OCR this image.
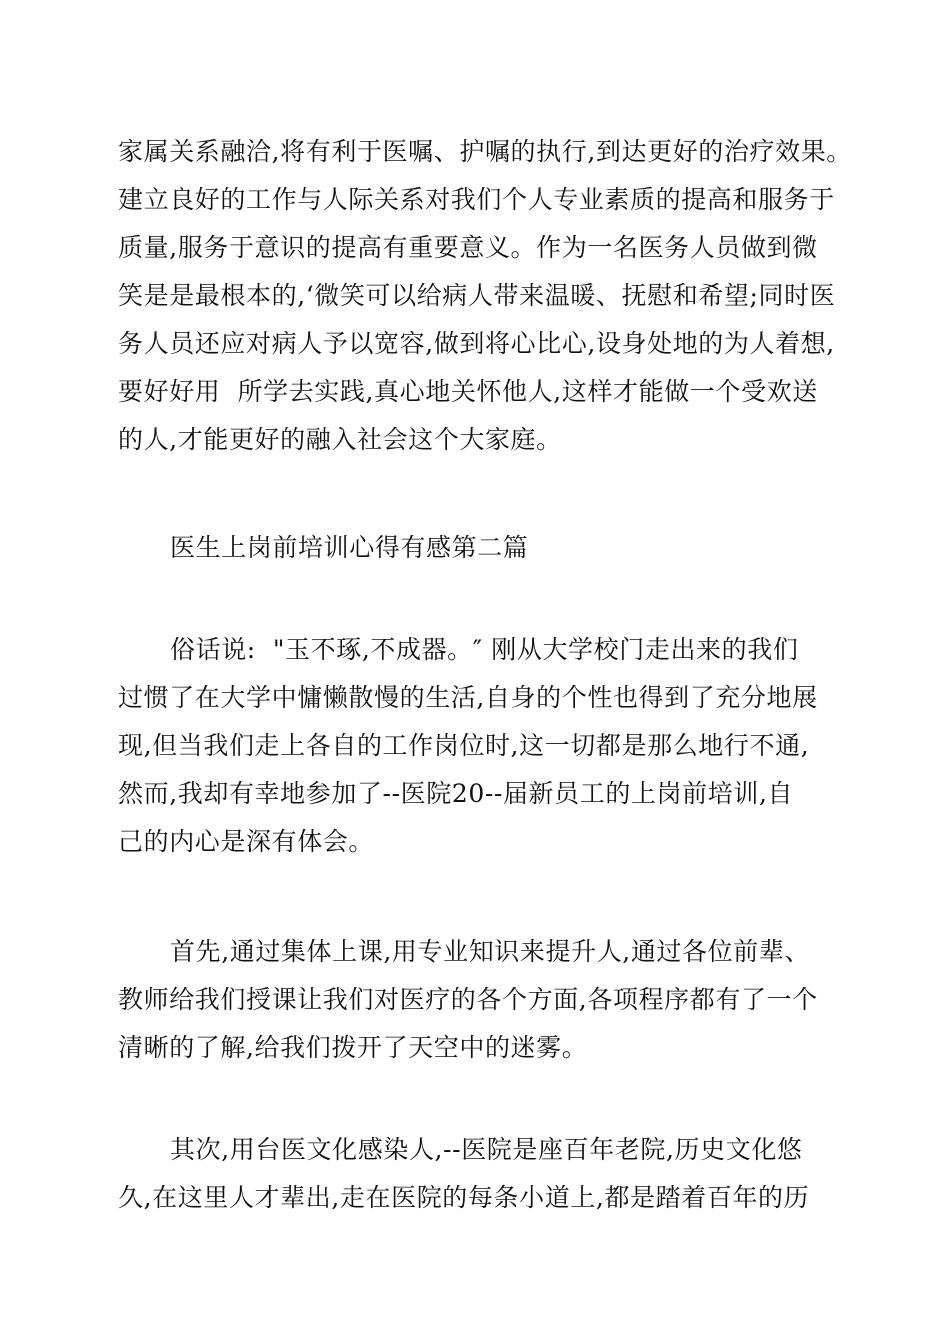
家属关系融洽,将有利于医嘱、护嘱的执行,到达更好的治疗效果。
建立良好的工作与人际关系对我们个人专业素质的提高和服务于
质量,服务于意识的提高有重要意义。作为一名医务人员做到微
笑是是最根本的,‘微笑可以给病人带来温暖、抚慰和希望;同时医
务人员还应对病人予以宽容,做到将心比心,设身处地的为人着想,
要好好用  所学去实践,真心地关怀他人,这样才能做一个受欢送
的人,才能更好的融入社会这个大家庭。
医生上岗前培训心得有感第二篇
俗话说:  "玉不琢,不成器。″ 刚从大学校门走出来的我们
过惯了在大学中慵懒散慢的生活,自身的个性也得到了充分地展
现,但当我们走上各自的工作岗位时,这一切都是那么地行不通,
然而,我却有幸地参加了--医院20--届新员工的上岗前培训,自
己的内心是深有体会。
首先,通过集体上课,用专业知识来提升人,通过各位前辈、
教师给我们授课让我们对医疗的各个方面,各项程序都有了一个
清晰的了解,给我们拨开了天空中的迷雾。
其次,用台医文化感染人,--医院是座百年老院,历史文化悠
久,在这里人才辈出,走在医院的每条小道上,都是踏着百年的历
